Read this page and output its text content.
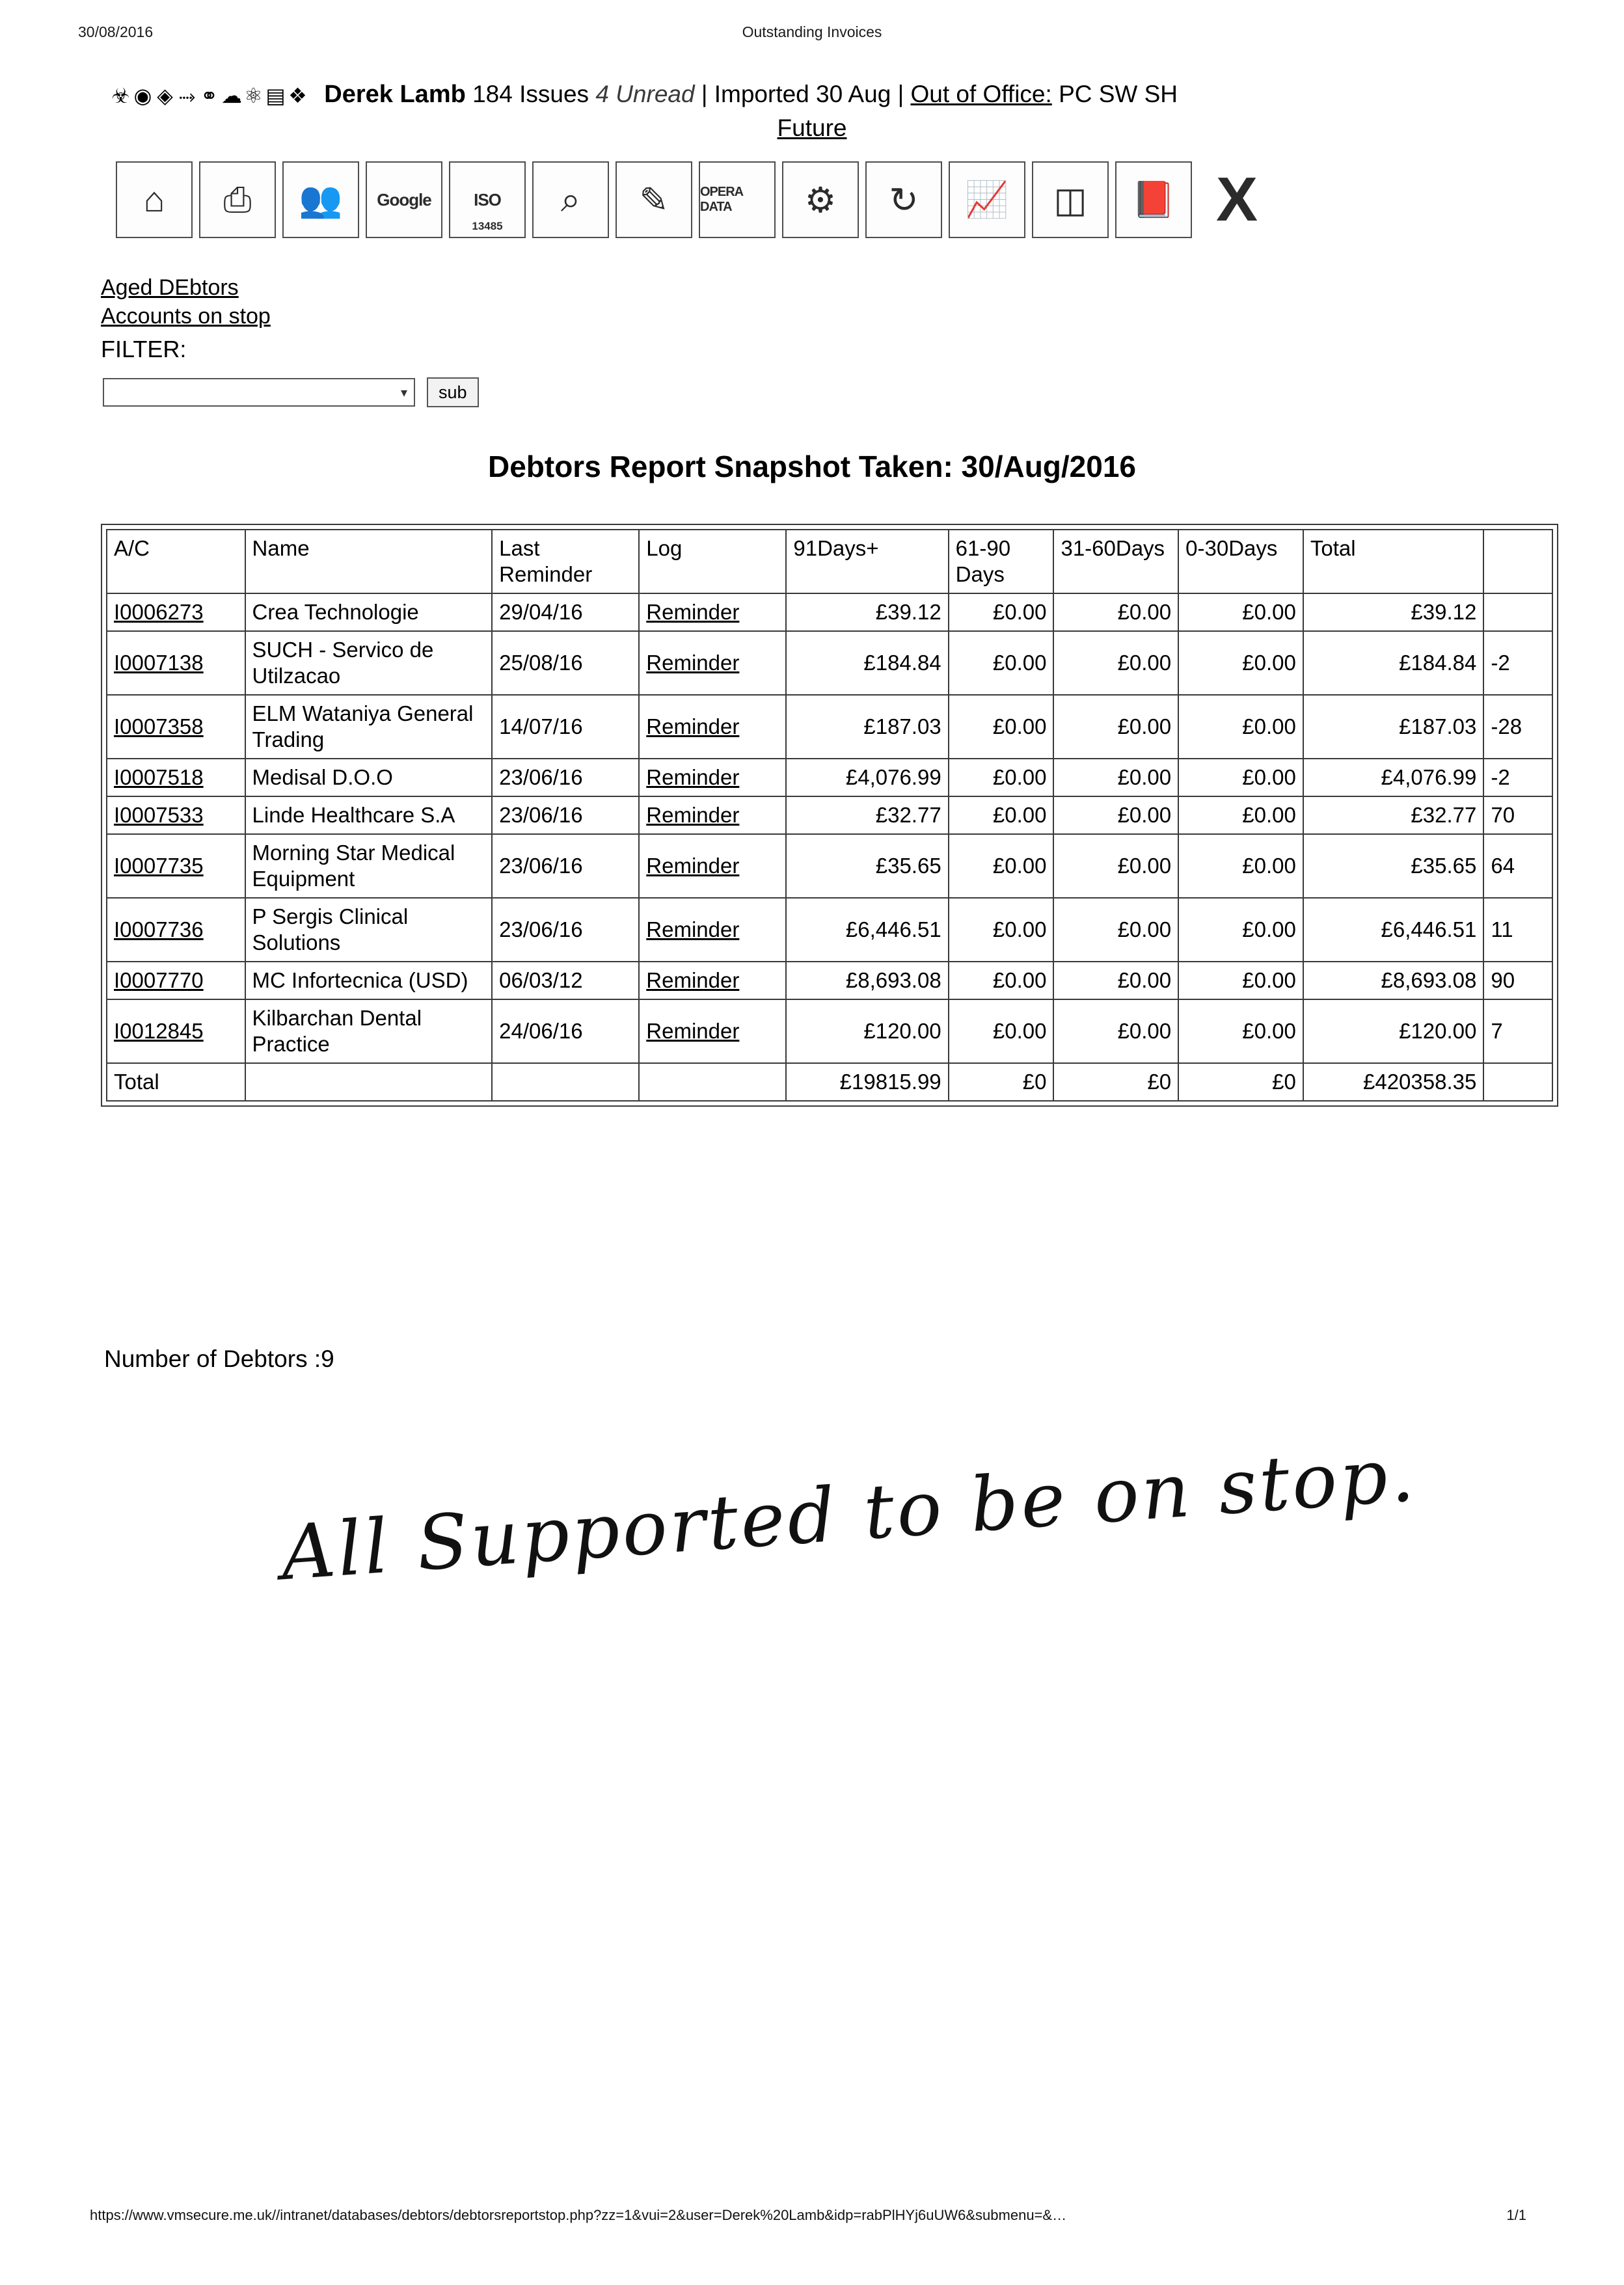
30/08/2016	Outstanding Invoices
☣◉ ◈ ⤑ ⚭☁⚛▤❖ Derek Lamb 184 Issues 4 Unread | Imported 30 Aug | Out of Office: PC SW SH
Future
⌂	⎙	👥	Google	ISO
13485
⌕	✎	OPERA DATA	⚙	↻	📈	◫	📕 X
Aged DEbtors
Accounts on stop
FILTER:
▾	sub
Debtors Report Snapshot Taken: 30/Aug/2016
A/C	Name	Last Reminder	Log	91Days+	61-90 Days	31-60Days	0-30Days	Total	
I0006273	Crea Technologie	29/04/16	Reminder	£39.12	£0.00	£0.00	£0.00	£39.12	
I0007138	SUCH - Servico de Utilzacao	25/08/16	Reminder	£184.84	£0.00	£0.00	£0.00	£184.84	-2
I0007358	ELM Wataniya General Trading	14/07/16	Reminder	£187.03	£0.00	£0.00	£0.00	£187.03	-28
I0007518	Medisal D.O.O	23/06/16	Reminder	£4,076.99	£0.00	£0.00	£0.00	£4,076.99	-2
I0007533	Linde Healthcare S.A	23/06/16	Reminder	£32.77	£0.00	£0.00	£0.00	£32.77	70
I0007735	Morning Star Medical Equipment	23/06/16	Reminder	£35.65	£0.00	£0.00	£0.00	£35.65	64
I0007736	P Sergis Clinical Solutions	23/06/16	Reminder	£6,446.51	£0.00	£0.00	£0.00	£6,446.51	11
I0007770	MC Infortecnica (USD)	06/03/12	Reminder	£8,693.08	£0.00	£0.00	£0.00	£8,693.08	90
I0012845	Kilbarchan Dental Practice	24/06/16	Reminder	£120.00	£0.00	£0.00	£0.00	£120.00	7
Total				£19815.99	£0	£0	£0	£420358.35	
Number of Debtors :9
All Supported to be on stop.
https://www.vmsecure.me.uk//intranet/databases/debtors/debtorsreportstop.php?zz=1&vui=2&user=Derek%20Lamb&idp=rabPlHYj6uUW6&submenu=&…	1/1
